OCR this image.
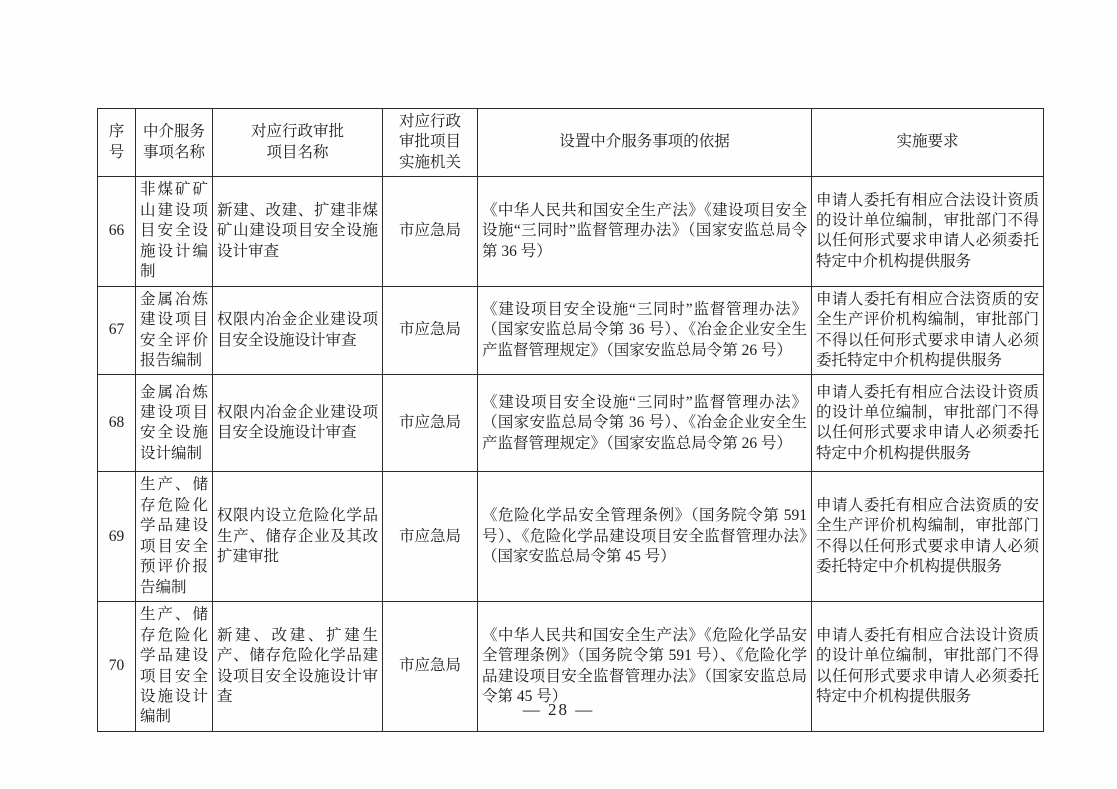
序号	中介服务事项名称	对应行政审批项目名称	对应行政审批项目实施机关	设置中介服务事项的依据	实施要求
66	非煤矿矿山建设项目安全设施设计编制	新建、改建、扩建非煤矿山建设项目安全设施设计审查	市应急局	《中华人民共和国安全生产法》《建设项目安全设施“三同时”监督管理办法》（国家安监总局令第 36 号）	申请人委托有相应合法设计资质的设计单位编制，审批部门不得以任何形式要求申请人必须委托特定中介机构提供服务
67	金属冶炼建设项目安全评价报告编制	权限内冶金企业建设项目安全设施设计审查	市应急局	《建设项目安全设施“三同时”监督管理办法》（国家安监总局令第 36 号）、《冶金企业安全生产监督管理规定》（国家安监总局令第 26 号）	申请人委托有相应合法资质的安全生产评价机构编制，审批部门不得以任何形式要求申请人必须委托特定中介机构提供服务
68	金属冶炼建设项目安全设施设计编制	权限内冶金企业建设项目安全设施设计审查	市应急局	《建设项目安全设施“三同时”监督管理办法》（国家安监总局令第 36 号）、《冶金企业安全生产监督管理规定》（国家安监总局令第 26 号）	申请人委托有相应合法设计资质的设计单位编制，审批部门不得以任何形式要求申请人必须委托特定中介机构提供服务
69	生产、储存危险化学品建设项目安全预评价报告编制	权限内设立危险化学品生产、储存企业及其改扩建审批	市应急局	《危险化学品安全管理条例》（国务院令第 591 号）、《危险化学品建设项目安全监督管理办法》（国家安监总局令第 45 号）	申请人委托有相应合法资质的安全生产评价机构编制，审批部门不得以任何形式要求申请人必须委托特定中介机构提供服务
70	生产、储存危险化学品建设项目安全设施设计编制	新建、改建、扩建生产、储存危险化学品建设项目安全设施设计审查	市应急局	《中华人民共和国安全生产法》《危险化学品安全管理条例》（国务院令第 591 号）、《危险化学品建设项目安全监督管理办法》（国家安监总局令第 45 号）	申请人委托有相应合法设计资质的设计单位编制，审批部门不得以任何形式要求申请人必须委托特定中介机构提供服务
— 28 —
